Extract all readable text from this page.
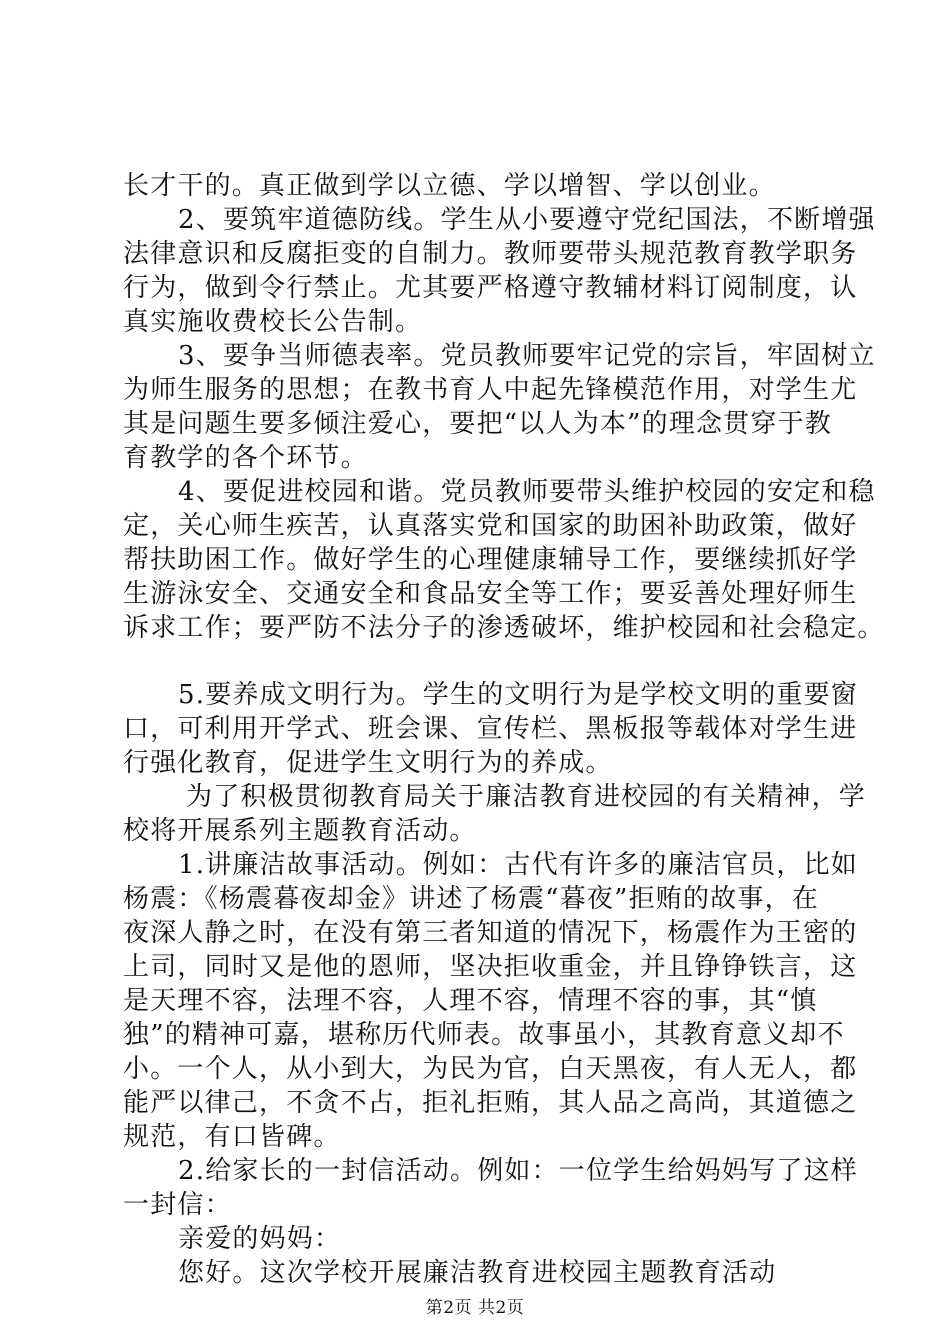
长才干的。真正做到学以立德、学以增智、学以创业。
2、要筑牢道德防线。学生从小要遵守党纪国法，不断增强
法律意识和反腐拒变的自制力。教师要带头规范教育教学职务
行为，做到令行禁止。尤其要严格遵守教辅材料订阅制度，认
真实施收费校长公告制。
3、要争当师德表率。党员教师要牢记党的宗旨，牢固树立
为师生服务的思想；在教书育人中起先锋模范作用，对学生尤
其是问题生要多倾注爱心，要把“以人为本”的理念贯穿于教
育教学的各个环节。
4、要促进校园和谐。党员教师要带头维护校园的安定和稳
定，关心师生疾苦，认真落实党和国家的助困补助政策，做好
帮扶助困工作。做好学生的心理健康辅导工作，要继续抓好学
生游泳安全、交通安全和食品安全等工作；要妥善处理好师生
诉求工作；要严防不法分子的渗透破坏，维护校园和社会稳定。
5.要养成文明行为。学生的文明行为是学校文明的重要窗
口，可利用开学式、班会课、宣传栏、黑板报等载体对学生进
行强化教育，促进学生文明行为的养成。
为了积极贯彻教育局关于廉洁教育进校园的有关精神，学
校将开展系列主题教育活动。
1.讲廉洁故事活动。例如：古代有许多的廉洁官员，比如
杨震：《杨震暮夜却金》讲述了杨震“暮夜”拒贿的故事，在
夜深人静之时，在没有第三者知道的情况下，杨震作为王密的
上司，同时又是他的恩师，坚决拒收重金，并且铮铮铁言，这
是天理不容，法理不容，人理不容，情理不容的事，其“慎
独”的精神可嘉，堪称历代师表。故事虽小，其教育意义却不
小。一个人，从小到大，为民为官，白天黑夜，有人无人，都
能严以律己，不贪不占，拒礼拒贿，其人品之高尚，其道德之
规范，有口皆碑。
2.给家长的一封信活动。例如：一位学生给妈妈写了这样
一封信：
亲爱的妈妈：
您好。这次学校开展廉洁教育进校园主题教育活动
第2页 共2页
